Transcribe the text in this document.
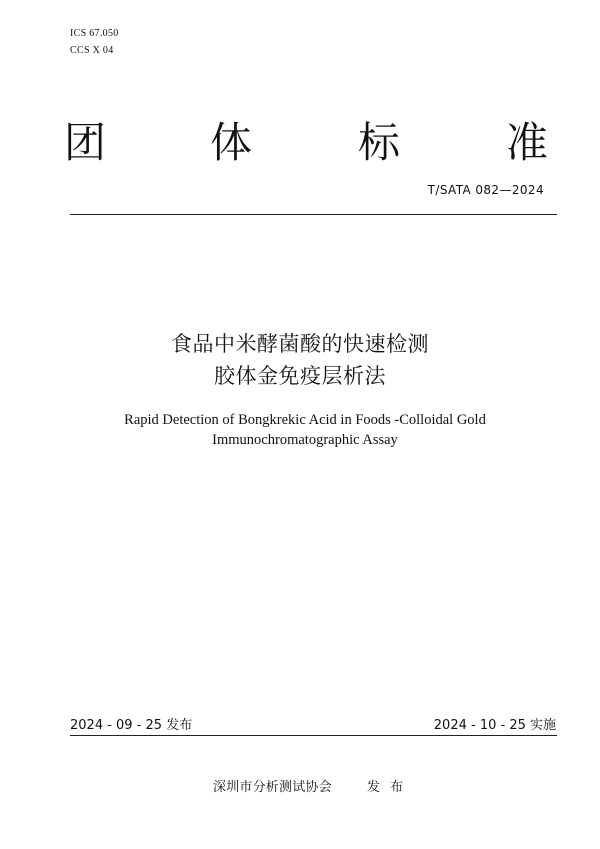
ICS 67.050
CCS X 04
团 体	标	准
T/SATA 082—2024
食品中米酵菌酸的快速检测
胶体金免疫层析法
Rapid Detection of Bongkrekic Acid in Foods -Colloidal Gold
Immunochromatographic Assay
2024 - 09 - 25 发布	2024 - 10 - 25 实施
深圳市分析测试协会	发 布
